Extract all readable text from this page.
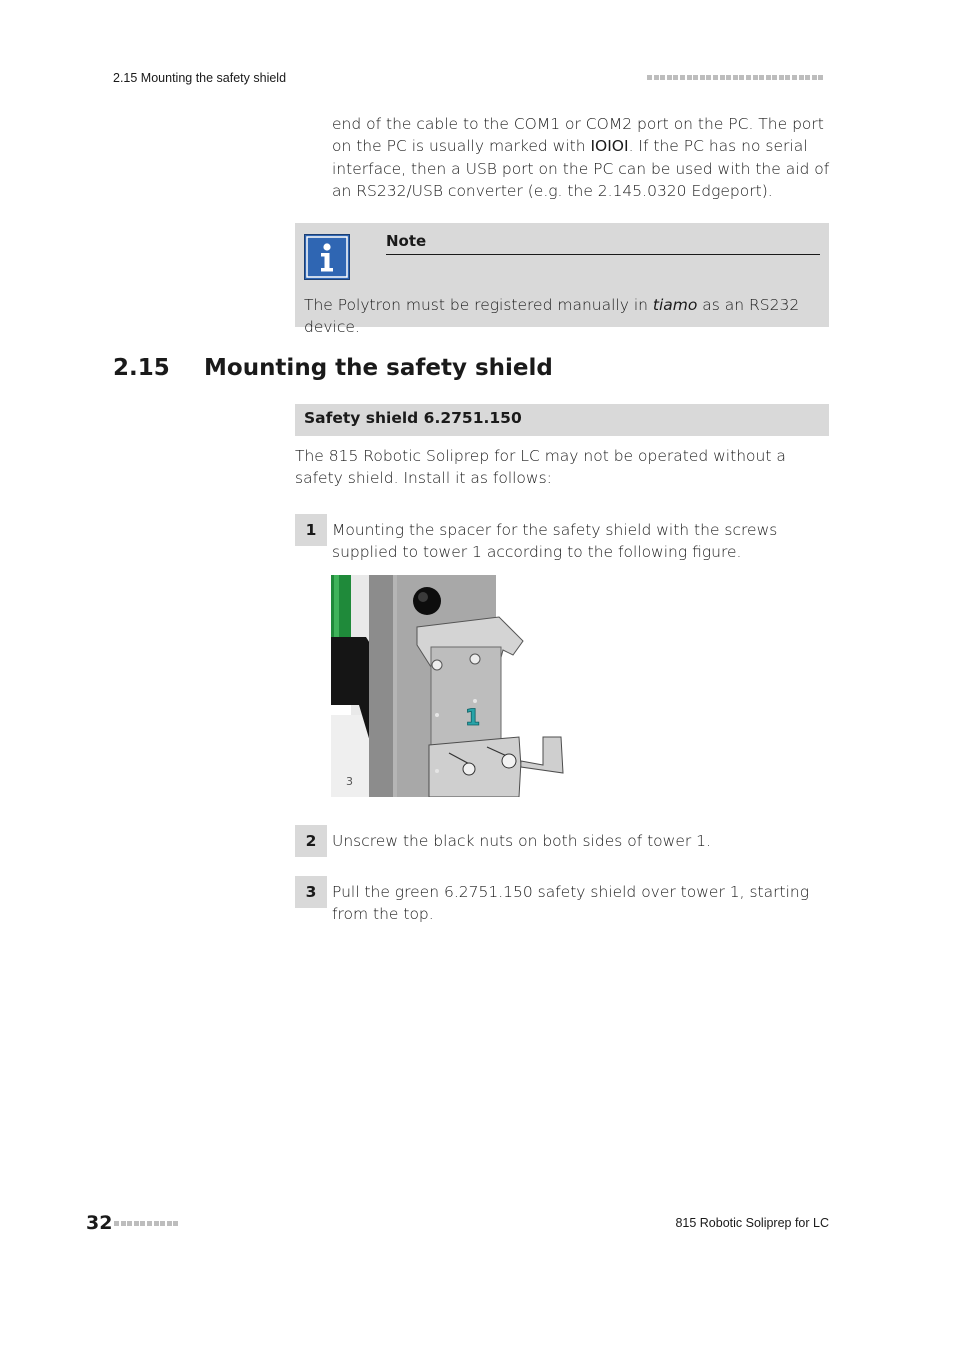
2.15 Mounting the safety shield
end of the cable to the COM1 or COM2 port on the PC. The port on the PC is usually marked with IOIOI. If the PC has no serial interface, then a USB port on the PC can be used with the aid of an RS232/USB converter (e.g. the 2.145.0320 Edgeport).
Note
The Polytron must be registered manually in tiamo as an RS232 device.
2.15 Mounting the safety shield
Safety shield 6.2751.150
The 815 Robotic Soliprep for LC may not be operated without a safety shield. Install it as follows:
1	Mounting the spacer for the safety shield with the screws supplied to tower 1 according to the following figure.
1
3
2	Unscrew the black nuts on both sides of tower 1.
3	Pull the green 6.2751.150 safety shield over tower 1, starting from the top.
32	815 Robotic Soliprep for LC
